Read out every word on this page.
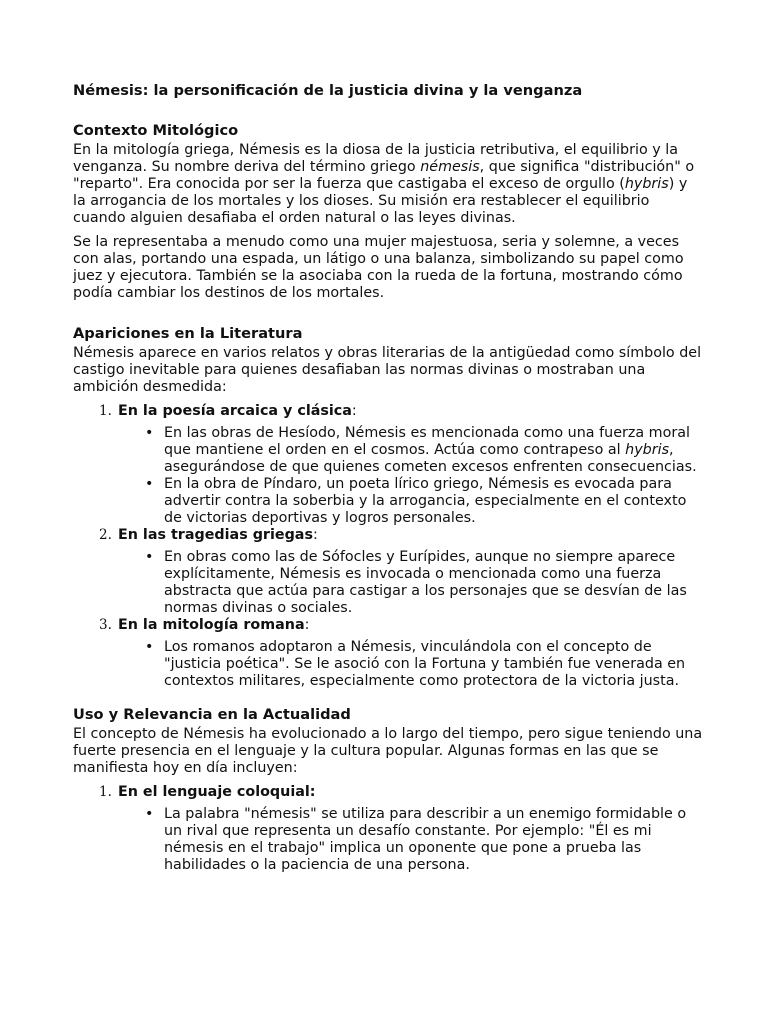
Némesis: la personificación de la justicia divina y la venganza
Contexto Mitológico

En la mitología griega, Némesis es la diosa de la justicia retributiva, el equilibrio y la venganza. Su nombre deriva del término griego némesis, que significa "distribución" o "reparto". Era conocida por ser la fuerza que castigaba el exceso de orgullo (hybris) y la arrogancia de los mortales y los dioses. Su misión era restablecer el equilibrio cuando alguien desafiaba el orden natural o las leyes divinas.

Se la representaba a menudo como una mujer majestuosa, seria y solemne, a veces con alas, portando una espada, un látigo o una balanza, simbolizando su papel como juez y ejecutora. También se la asociaba con la rueda de la fortuna, mostrando cómo podía cambiar los destinos de los mortales.

Apariciones en la Literatura

Némesis aparece en varios relatos y obras literarias de la antigüedad como símbolo del castigo inevitable para quienes desafiaban las normas divinas o mostraban una ambición desmedida:

1. En la poesía arcaica y clásica:

• En las obras de Hesíodo, Némesis es mencionada como una fuerza moral que mantiene el orden en el cosmos. Actúa como contrapeso al hybris, asegurándose de que quienes cometen excesos enfrenten consecuencias.
• En la obra de Píndaro, un poeta lírico griego, Némesis es evocada para advertir contra la soberbia y la arrogancia, especialmente en el contexto de victorias deportivas y logros personales.
2. En las tragedias griegas:

• En obras como las de Sófocles y Eurípides, aunque no siempre aparece explícitamente, Némesis es invocada o mencionada como una fuerza abstracta que actúa para castigar a los personajes que se desvían de las normas divinas o sociales.
3. En la mitología romana:

• Los romanos adoptaron a Némesis, vinculándola con el concepto de "justicia poética". Se le asoció con la Fortuna y también fue venerada en contextos militares, especialmente como protectora de la victoria justa.
Uso y Relevancia en la Actualidad

El concepto de Némesis ha evolucionado a lo largo del tiempo, pero sigue teniendo una fuerte presencia en el lenguaje y la cultura popular. Algunas formas en las que se manifiesta hoy en día incluyen:

1. En el lenguaje coloquial:

• La palabra "némesis" se utiliza para describir a un enemigo formidable o un rival que representa un desafío constante. Por ejemplo: "Él es mi némesis en el trabajo" implica un oponente que pone a prueba las habilidades o la paciencia de una persona.
